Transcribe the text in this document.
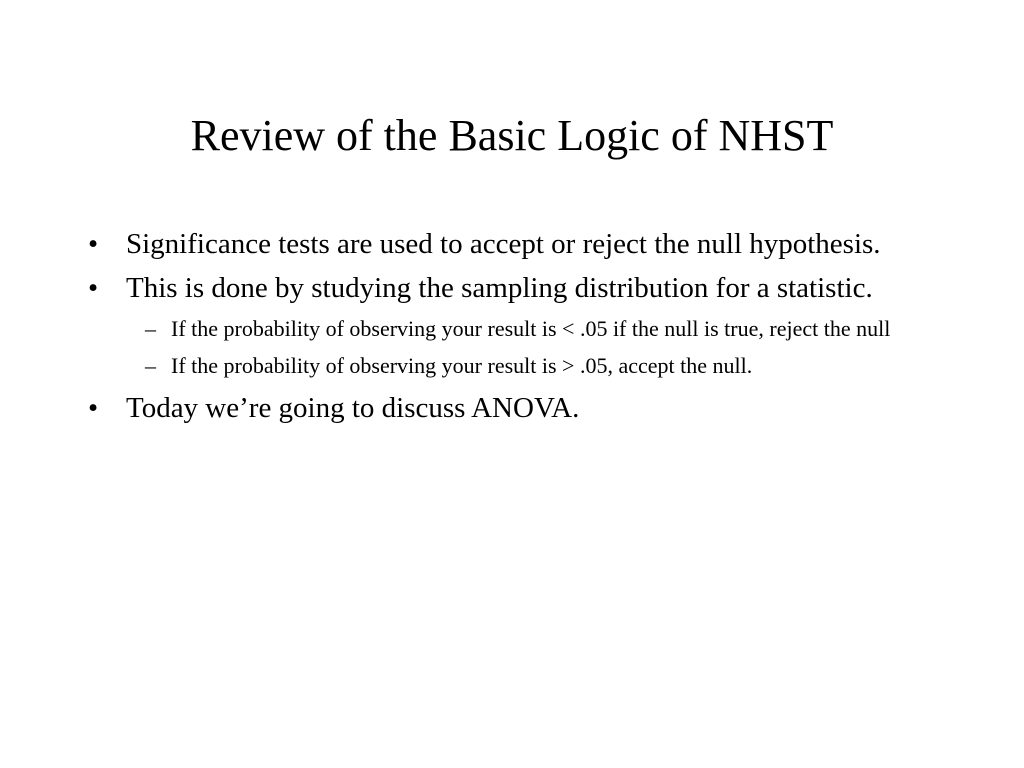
Review of the Basic Logic of NHST
• Significance tests are used to accept or reject the null hypothesis.
• This is done by studying the sampling distribution for a statistic.
– If the probability of observing your result is < .05 if the null is true, reject the null
– If the probability of observing your result is > .05, accept the null.
• Today we’re going to discuss ANOVA.
